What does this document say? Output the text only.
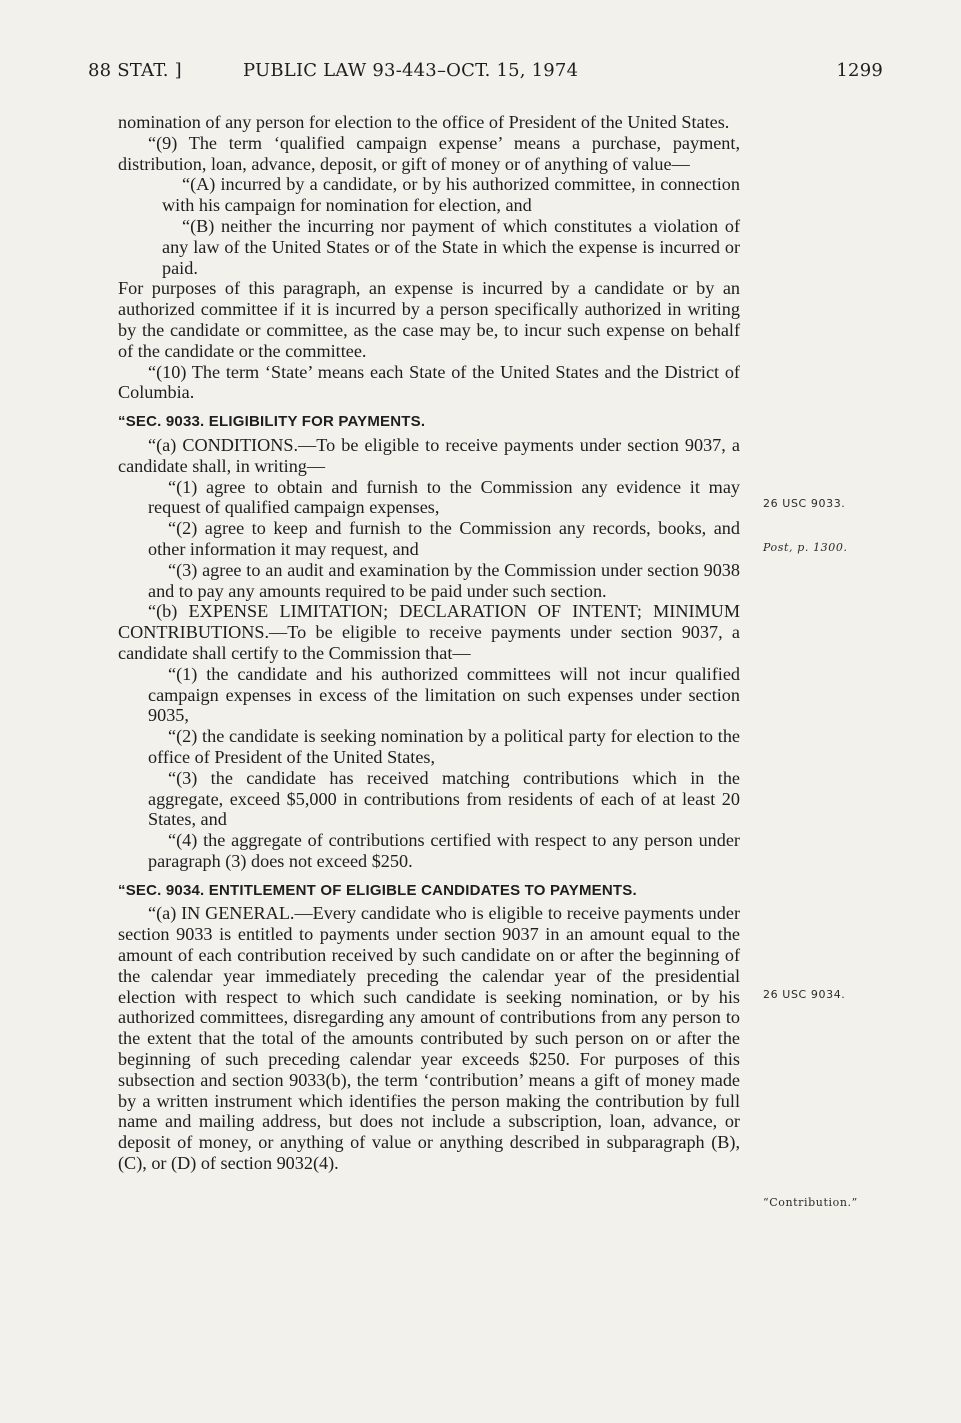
88 STAT. ]	PUBLIC LAW 93-443–OCT. 15, 1974	1299

nomination of any person for election to the office of President of the United States.

“(9) The term ‘qualified campaign expense’ means a purchase, payment, distribution, loan, advance, deposit, or gift of money or of anything of value—

“(A) incurred by a candidate, or by his authorized committee, in connection with his campaign for nomination for election, and

“(B) neither the incurring nor payment of which constitutes a violation of any law of the United States or of the State in which the expense is incurred or paid.

For purposes of this paragraph, an expense is incurred by a candidate or by an authorized committee if it is incurred by a person specifically authorized in writing by the candidate or committee, as the case may be, to incur such expense on behalf of the candidate or the committee.

“(10) The term ‘State’ means each State of the United States and the District of Columbia.

“SEC. 9033. ELIGIBILITY FOR PAYMENTS.

“(a) CONDITIONS.—To be eligible to receive payments under section 9037, a candidate shall, in writing—

“(1) agree to obtain and furnish to the Commission any evidence it may request of qualified campaign expenses,

“(2) agree to keep and furnish to the Commission any records, books, and other information it may request, and

“(3) agree to an audit and examination by the Commission under section 9038 and to pay any amounts required to be paid under such section.

“(b) EXPENSE LIMITATION; DECLARATION OF INTENT; MINIMUM CONTRIBUTIONS.—To be eligible to receive payments under section 9037, a candidate shall certify to the Commission that—

“(1) the candidate and his authorized committees will not incur qualified campaign expenses in excess of the limitation on such expenses under section 9035,

“(2) the candidate is seeking nomination by a political party for election to the office of President of the United States,

“(3) the candidate has received matching contributions which in the aggregate, exceed $5,000 in contributions from residents of each of at least 20 States, and

“(4) the aggregate of contributions certified with respect to any person under paragraph (3) does not exceed $250.

“SEC. 9034. ENTITLEMENT OF ELIGIBLE CANDIDATES TO PAYMENTS.

“(a) IN GENERAL.—Every candidate who is eligible to receive payments under section 9033 is entitled to payments under section 9037 in an amount equal to the amount of each contribution received by such candidate on or after the beginning of the calendar year immediately preceding the calendar year of the presidential election with respect to which such candidate is seeking nomination, or by his authorized committees, disregarding any amount of contributions from any person to the extent that the total of the amounts contributed by such person on or after the beginning of such preceding calendar year exceeds $250. For purposes of this subsection and section 9033(b), the term ‘contribution’ means a gift of money made by a written instrument which identifies the person making the contribution by full name and mailing address, but does not include a subscription, loan, advance, or deposit of money, or anything of value or anything described in subparagraph (B), (C), or (D) of section 9032(4).

26 USC 9033.
Post, p. 1300.
26 USC 9034.
“Contribution.”
